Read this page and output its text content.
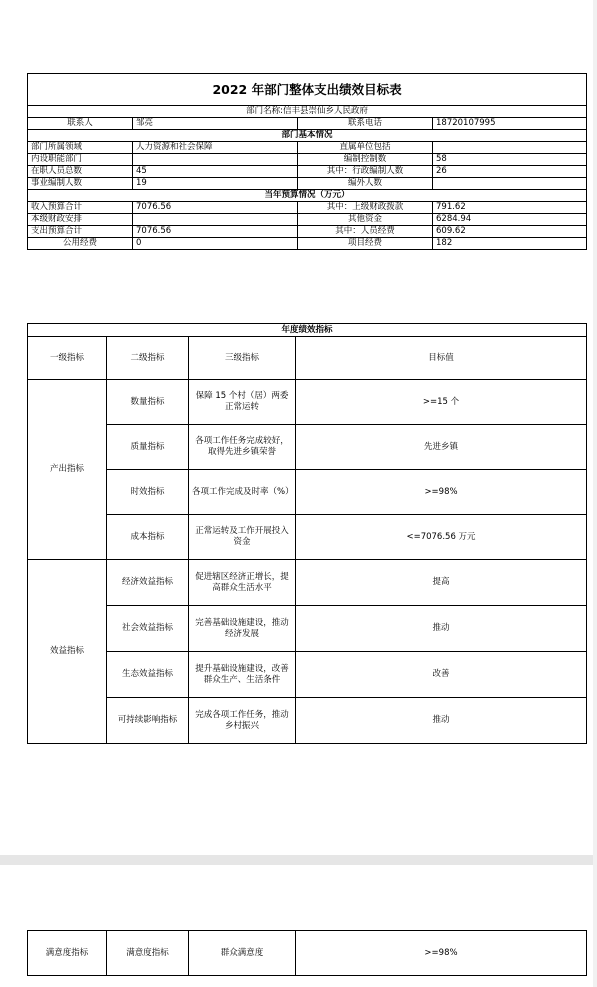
2022 年部门整体支出绩效目标表			
部门名称:信丰县崇仙乡人民政府			
联系人	邹亮	联系电话	18720107995
部门基本情况			
部门所属领域	人力资源和社会保障	直属单位包括	
内设职能部门		编制控制数	58
在职人员总数	45	其中：行政编制人数	26
事业编制人数	19	编外人数	
当年预算情况（万元）			
收入预算合计	7076.56	其中：上级财政拨款	791.62
本级财政安排		其他资金	6284.94
支出预算合计	7076.56	其中：人员经费	609.62
公用经费	0	项目经费	182
年度绩效指标			
一级指标	二级指标	三级指标	目标值
产出指标	数量指标	保障 15 个村（居）两委正常运转	>=15 个
	质量指标	各项工作任务完成较好，取得先进乡镇荣誉	先进乡镇
	时效指标	各项工作完成及时率（%）	>=98%
	成本指标	正常运转及工作开展投入资金	<=7076.56 万元
效益指标	经济效益指标	促进辖区经济正增长，提高群众生活水平	提高
	社会效益指标	完善基础设施建设，推动经济发展	推动
	生态效益指标	提升基础设施建设，改善群众生产、生活条件	改善
	可持续影响指标	完成各项工作任务，推动乡村振兴	推动
满意度指标	满意度指标	群众满意度	>=98%
